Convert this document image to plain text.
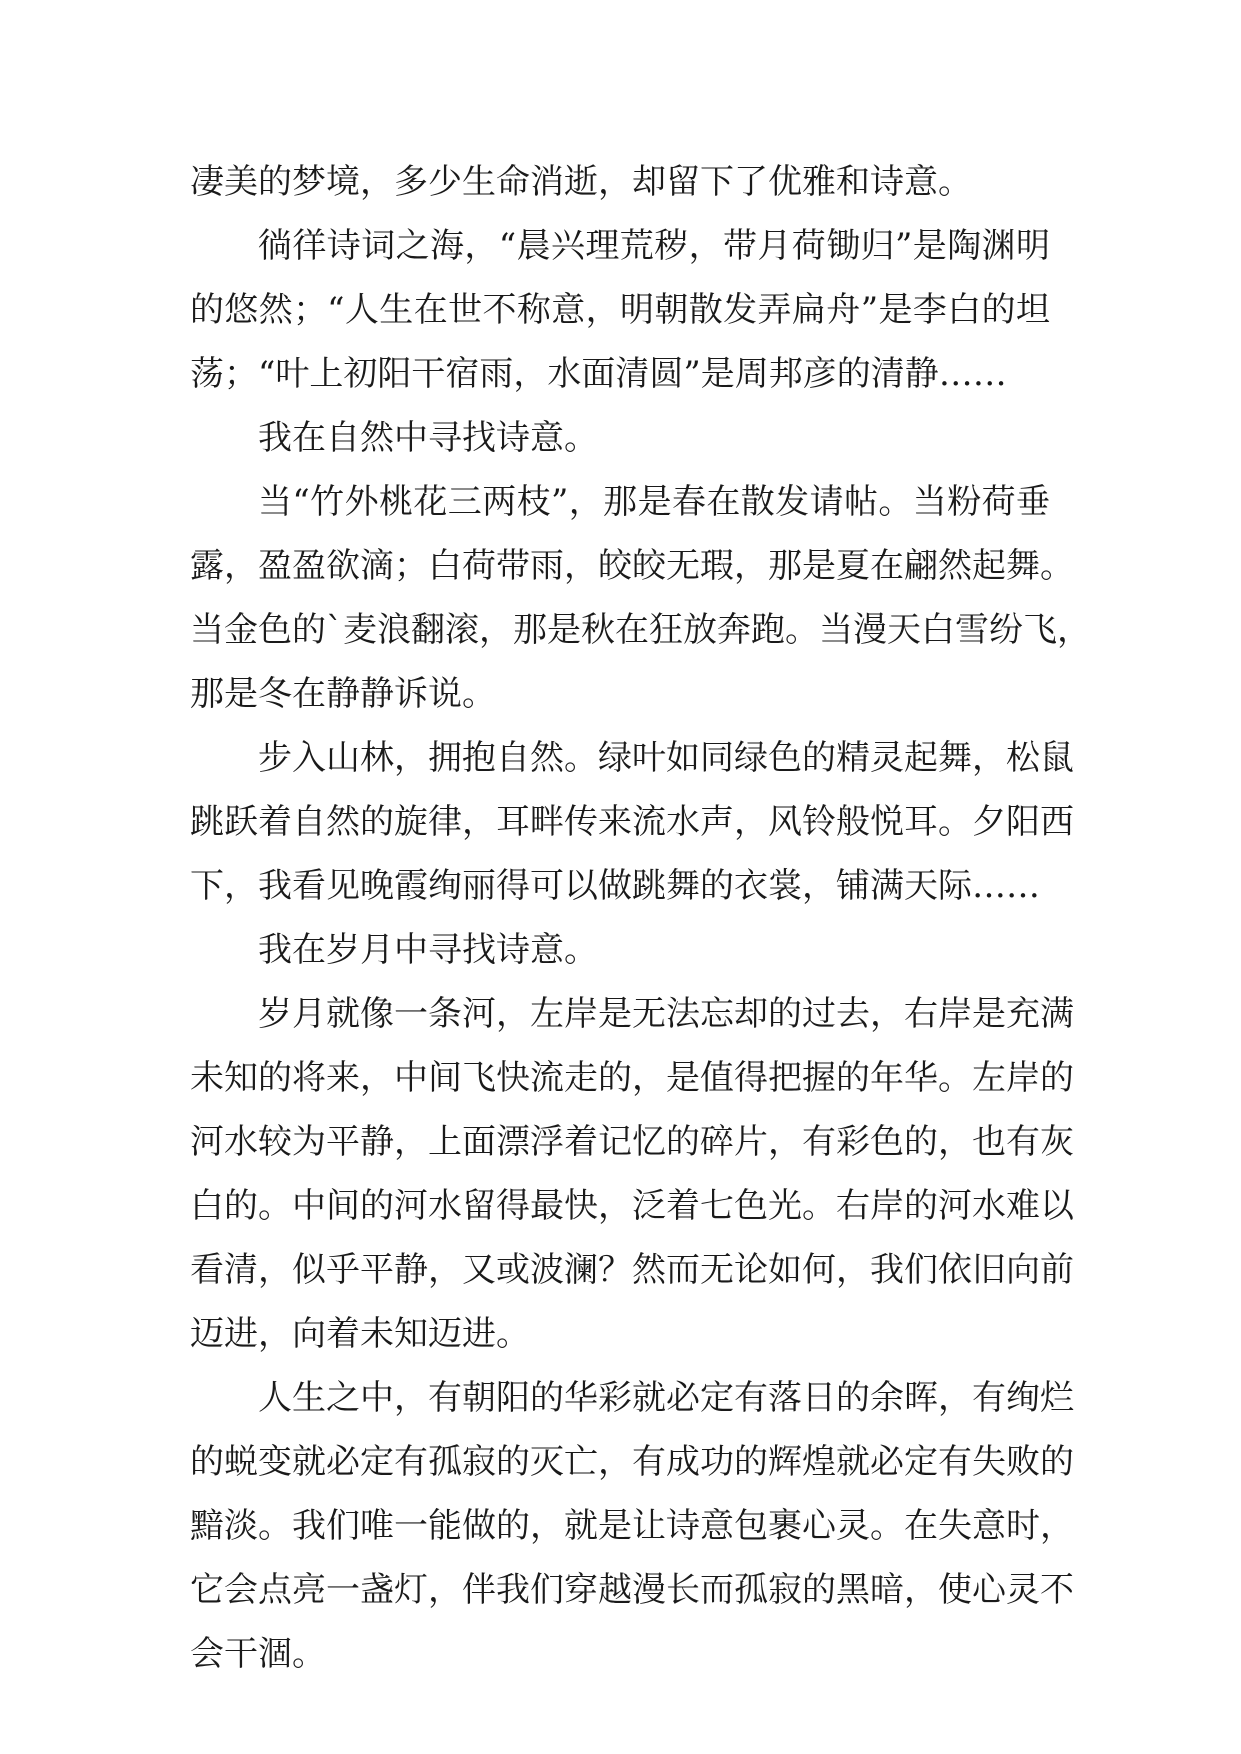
凄美的梦境，多少生命消逝，却留下了优雅和诗意。
徜徉诗词之海，“晨兴理荒秽，带月荷锄归”是陶渊明
的悠然；“人生在世不称意，明朝散发弄扁舟”是李白的坦
荡；“叶上初阳干宿雨，水面清圆”是周邦彦的清静……
我在自然中寻找诗意。
当“竹外桃花三两枝”，那是春在散发请帖。当粉荷垂
露，盈盈欲滴；白荷带雨，皎皎无瑕，那是夏在翩然起舞。
当金色的`麦浪翻滚，那是秋在狂放奔跑。当漫天白雪纷飞，
那是冬在静静诉说。
步入山林，拥抱自然。绿叶如同绿色的精灵起舞，松鼠
跳跃着自然的旋律，耳畔传来流水声，风铃般悦耳。夕阳西
下，我看见晚霞绚丽得可以做跳舞的衣裳，铺满天际……
我在岁月中寻找诗意。
岁月就像一条河，左岸是无法忘却的过去，右岸是充满
未知的将来，中间飞快流走的，是值得把握的年华。左岸的
河水较为平静，上面漂浮着记忆的碎片，有彩色的，也有灰
白的。中间的河水留得最快，泛着七色光。右岸的河水难以
看清，似乎平静，又或波澜？然而无论如何，我们依旧向前
迈进，向着未知迈进。
人生之中，有朝阳的华彩就必定有落日的余晖，有绚烂
的蜕变就必定有孤寂的灭亡，有成功的辉煌就必定有失败的
黯淡。我们唯一能做的，就是让诗意包裹心灵。在失意时，
它会点亮一盏灯，伴我们穿越漫长而孤寂的黑暗，使心灵不
会干涸。
